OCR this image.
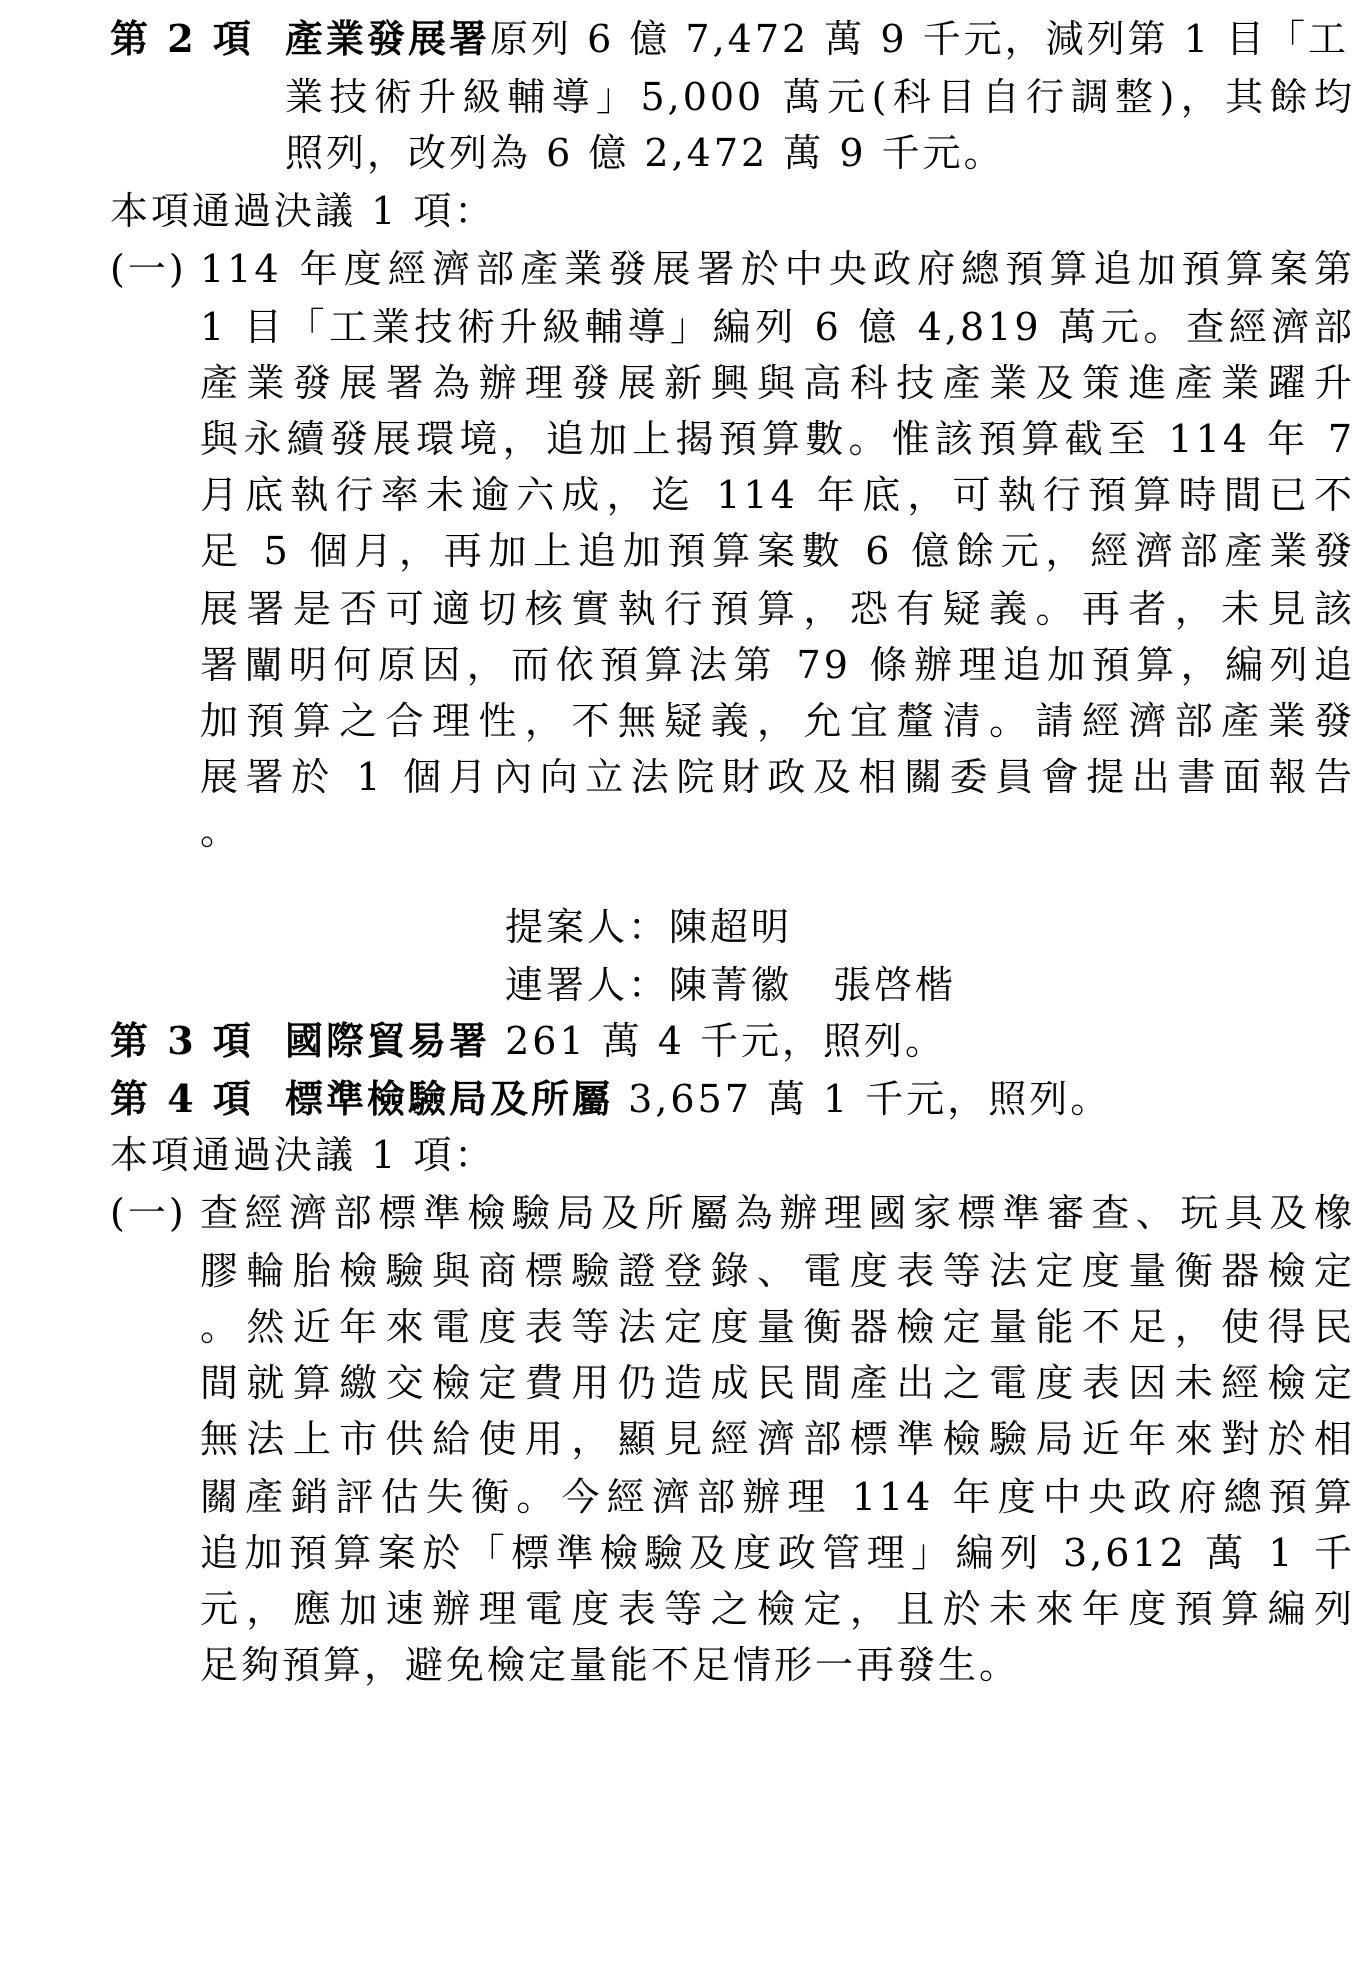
第 2 項 產業發展署原列 6 億 7,472 萬 9 千元，減列第 1 目「工
業技術升級輔導」5,000 萬元(科目自行調整)，其餘均
照列，改列為 6 億 2,472 萬 9 千元。
本項通過決議 1 項：
(一) 114 年度經濟部產業發展署於中央政府總預算追加預算案第
1 目「工業技術升級輔導」編列 6 億 4,819 萬元。查經濟部
產業發展署為辦理發展新興與高科技產業及策進產業躍升
與永續發展環境，追加上揭預算數。惟該預算截至 114 年 7
月底執行率未逾六成，迄 114 年底，可執行預算時間已不
足 5 個月，再加上追加預算案數 6 億餘元，經濟部產業發
展署是否可適切核實執行預算，恐有疑義。再者，未見該
署闡明何原因，而依預算法第 79 條辦理追加預算，編列追
加預算之合理性，不無疑義，允宜釐清。請經濟部產業發
展署於 1 個月內向立法院財政及相關委員會提出書面報告
。
提案人：陳超明
連署人：陳菁徽　張啓楷
第 3 項 國際貿易署 261 萬 4 千元，照列。
第 4 項 標準檢驗局及所屬 3,657 萬 1 千元，照列。
本項通過決議 1 項：
(一) 查經濟部標準檢驗局及所屬為辦理國家標準審查、玩具及橡
膠輪胎檢驗與商標驗證登錄、電度表等法定度量衡器檢定
。然近年來電度表等法定度量衡器檢定量能不足，使得民
間就算繳交檢定費用仍造成民間產出之電度表因未經檢定
無法上市供給使用，顯見經濟部標準檢驗局近年來對於相
關產銷評估失衡。今經濟部辦理 114 年度中央政府總預算
追加預算案於「標準檢驗及度政管理」編列 3,612 萬 1 千
元，應加速辦理電度表等之檢定，且於未來年度預算編列
足夠預算，避免檢定量能不足情形一再發生。
